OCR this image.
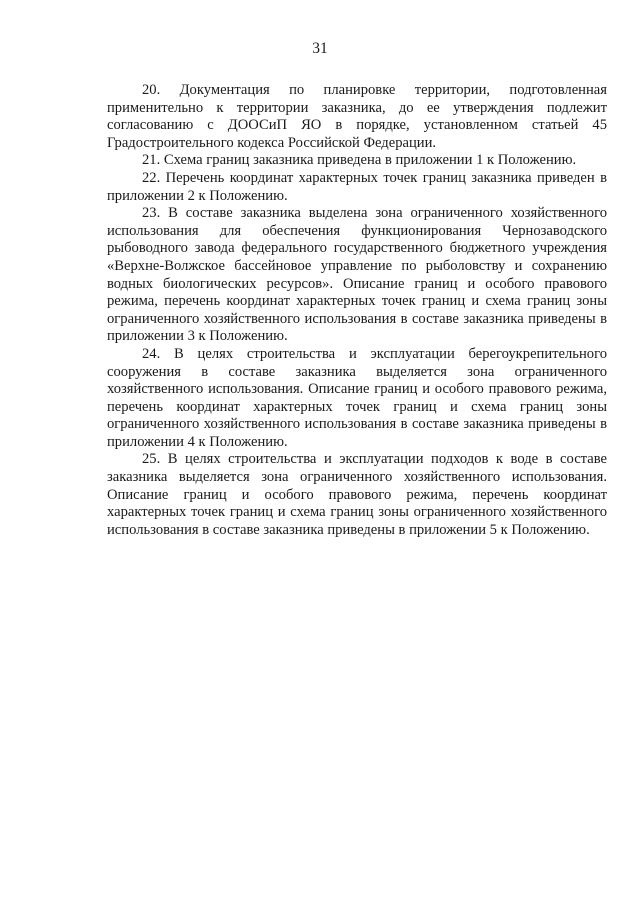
31

20. Документация по планировке территории, подготовленная применительно к территории заказника, до ее утверждения подлежит согласованию с ДООСиП ЯО в порядке, установленном статьей 45 Градостроительного кодекса Российской Федерации.

21. Схема границ заказника приведена в приложении 1 к Положению.

22. Перечень координат характерных точек границ заказника приведен в приложении 2 к Положению.

23. В составе заказника выделена зона ограниченного хозяйственного использования для обеспечения функционирования Чернозаводского рыбоводного завода федерального государственного бюджетного учреждения «Верхне-Волжское бассейновое управление по рыболовству и сохранению водных биологических ресурсов». Описание границ и особого правового режима, перечень координат характерных точек границ и схема границ зоны ограниченного хозяйственного использования в составе заказника приведены в приложении 3 к Положению.

24. В целях строительства и эксплуатации берегоукрепительного сооружения в составе заказника выделяется зона ограниченного хозяйственного использования. Описание границ и особого правового режима, перечень координат характерных точек границ и схема границ зоны ограниченного хозяйственного использования в составе заказника приведены в приложении 4 к Положению.

25. В целях строительства и эксплуатации подходов к воде в составе заказника выделяется зона ограниченного хозяйственного использования. Описание границ и особого правового режима, перечень координат характерных точек границ и схема границ зоны ограниченного хозяйственного использования в составе заказника приведены в приложении 5 к Положению.
